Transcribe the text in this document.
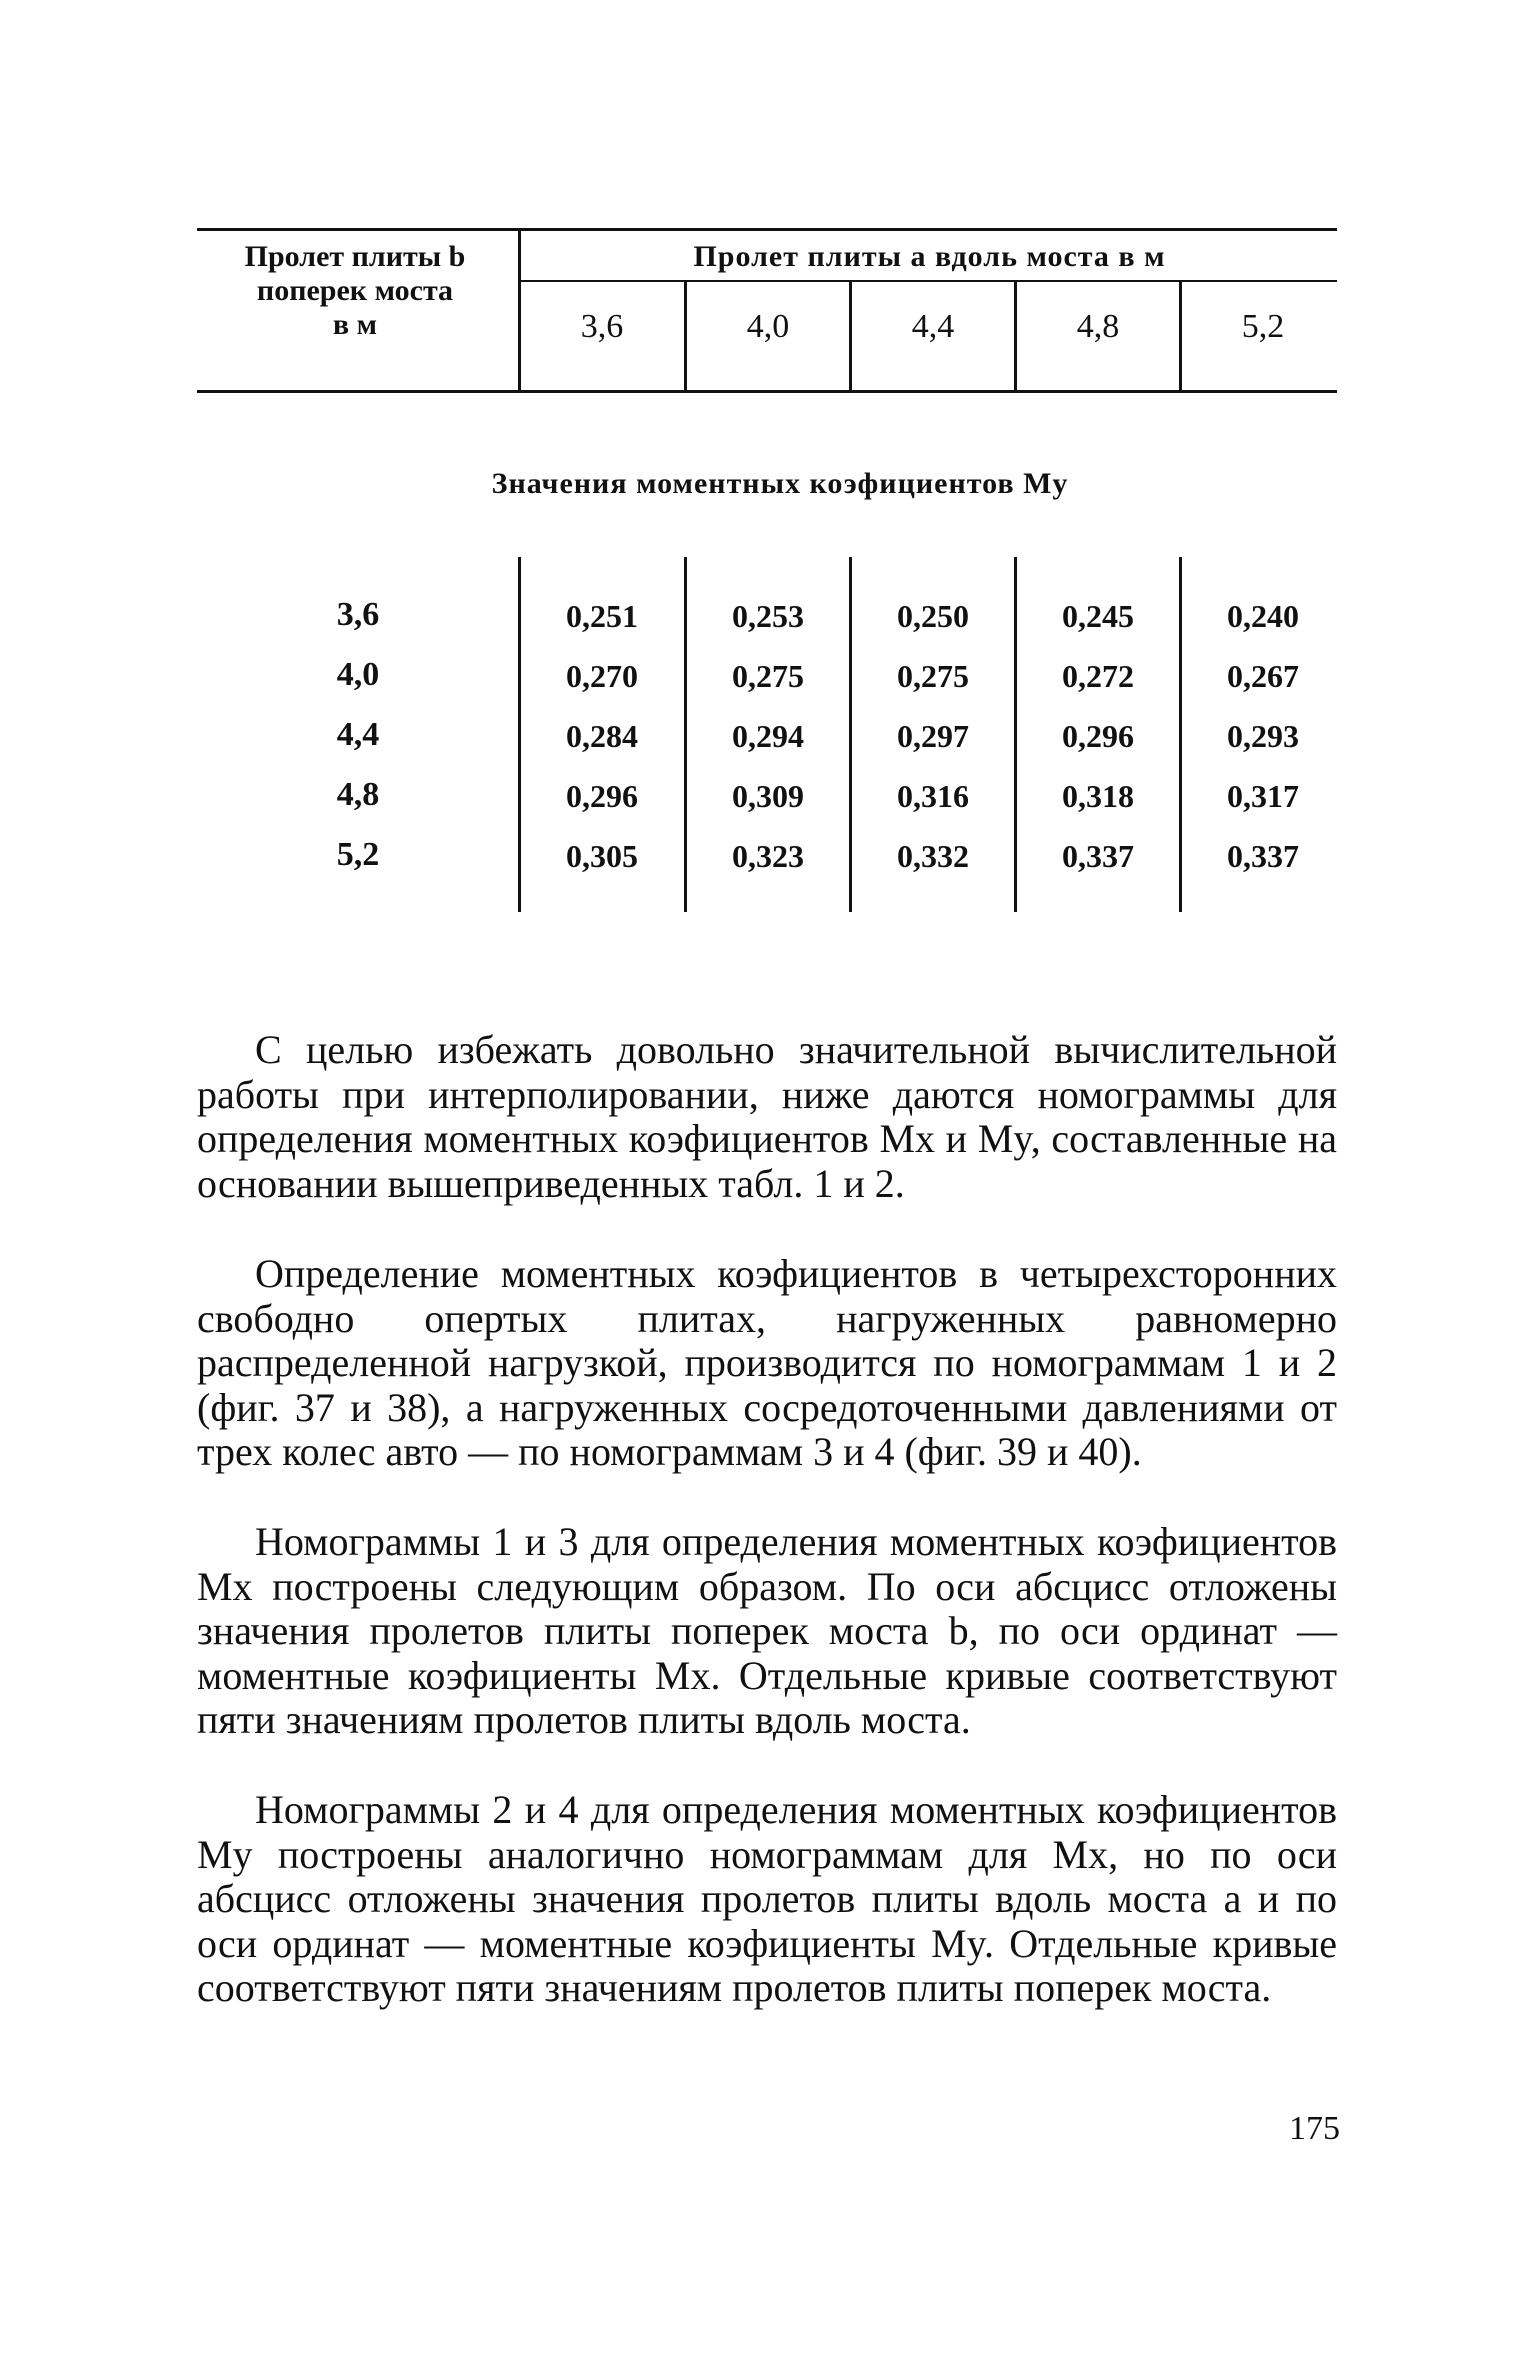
Пролет плиты b
поперек моста
в м
Пролет плиты a вдоль моста в м
3,6	4,0	4,4	4,8	5,2
Значения моментных коэфициентов My
3,6	0,251	0,253	0,250	0,245	0,240
4,0	0,270	0,275	0,275	0,272	0,267
4,4	0,284	0,294	0,297	0,296	0,293
4,8	0,296	0,309	0,316	0,318	0,317
5,2	0,305	0,323	0,332	0,337	0,337

С целью избежать довольно значительной вычислительной работы при интерполировании, ниже даются номограммы для определения моментных коэфициентов Mx и My, составленные на основании вышеприведенных табл. 1 и 2.

Определение моментных коэфициентов в четырехсторонних свободно опертых плитах, нагруженных равномерно распределенной нагрузкой, производится по номограммам 1 и 2 (фиг. 37 и 38), а нагруженных сосредоточенными давлениями от трех колес авто — по номограммам 3 и 4 (фиг. 39 и 40).

Номограммы 1 и 3 для определения моментных коэфициентов Mx построены следующим образом. По оси абсцисс отложены значения пролетов плиты поперек моста b, по оси ординат — моментные коэфициенты Mx. Отдельные кривые соответствуют пяти значениям пролетов плиты вдоль моста.

Номограммы 2 и 4 для определения моментных коэфициентов My построены аналогично номограммам для Mx, но по оси абсцисс отложены значения пролетов плиты вдоль моста a и по оси ординат — моментные коэфициенты My. Отдельные кривые соответствуют пяти значениям пролетов плиты поперек моста.

175
